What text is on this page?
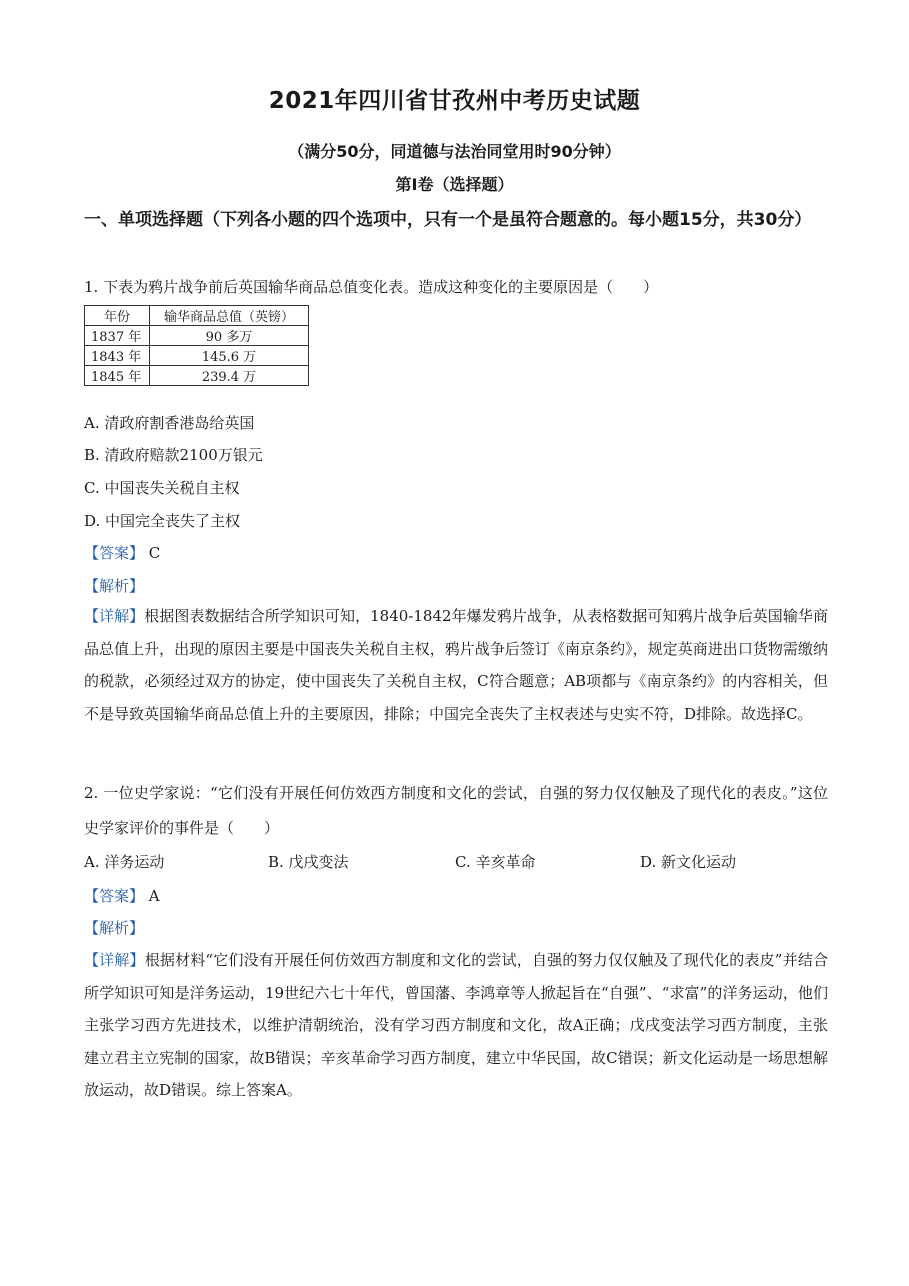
2021年四川省甘孜州中考历史试题
（满分50分，同道德与法治同堂用时90分钟）
第I卷（选择题）
一、单项选择题（下列各小题的四个选项中，只有一个是虽符合题意的。每小题15分，共30分）
1. 下表为鸦片战争前后英国输华商品总值变化表。造成这种变化的主要原因是（　　）
年份	输华商品总值（英镑）
1837 年	90 多万
1843 年	145.6 万
1845 年	239.4 万
A. 清政府割香港岛给英国
B. 清政府赔款2100万银元
C. 中国丧失关税自主权
D. 中国完全丧失了主权
【答案】 C
【解析】
【详解】根据图表数据结合所学知识可知，1840-1842年爆发鸦片战争，从表格数据可知鸦片战争后英国输华商品总值上升，出现的原因主要是中国丧失关税自主权，鸦片战争后签订《南京条约》，规定英商进出口货物需缴纳的税款，必须经过双方的协定，使中国丧失了关税自主权，C符合题意；AB项都与《南京条约》的内容相关，但不是导致英国输华商品总值上升的主要原因，排除；中国完全丧失了主权表述与史实不符，D排除。故选择C。
2. 一位史学家说：“它们没有开展任何仿效西方制度和文化的尝试，自强的努力仅仅触及了现代化的表皮。”这位史学家评价的事件是（　　）
A. 洋务运动	B. 戊戌变法	C. 辛亥革命	D. 新文化运动
【答案】 A
【解析】
【详解】根据材料“它们没有开展任何仿效西方制度和文化的尝试，自强的努力仅仅触及了现代化的表皮”并结合所学知识可知是洋务运动，19世纪六七十年代，曾国藩、李鸿章等人掀起旨在“自强”、“求富”的洋务运动，他们主张学习西方先进技术，以维护清朝统治，没有学习西方制度和文化，故A正确；戊戌变法学习西方制度，主张建立君主立宪制的国家，故B错误；辛亥革命学习西方制度，建立中华民国，故C错误；新文化运动是一场思想解放运动，故D错误。综上答案A。
